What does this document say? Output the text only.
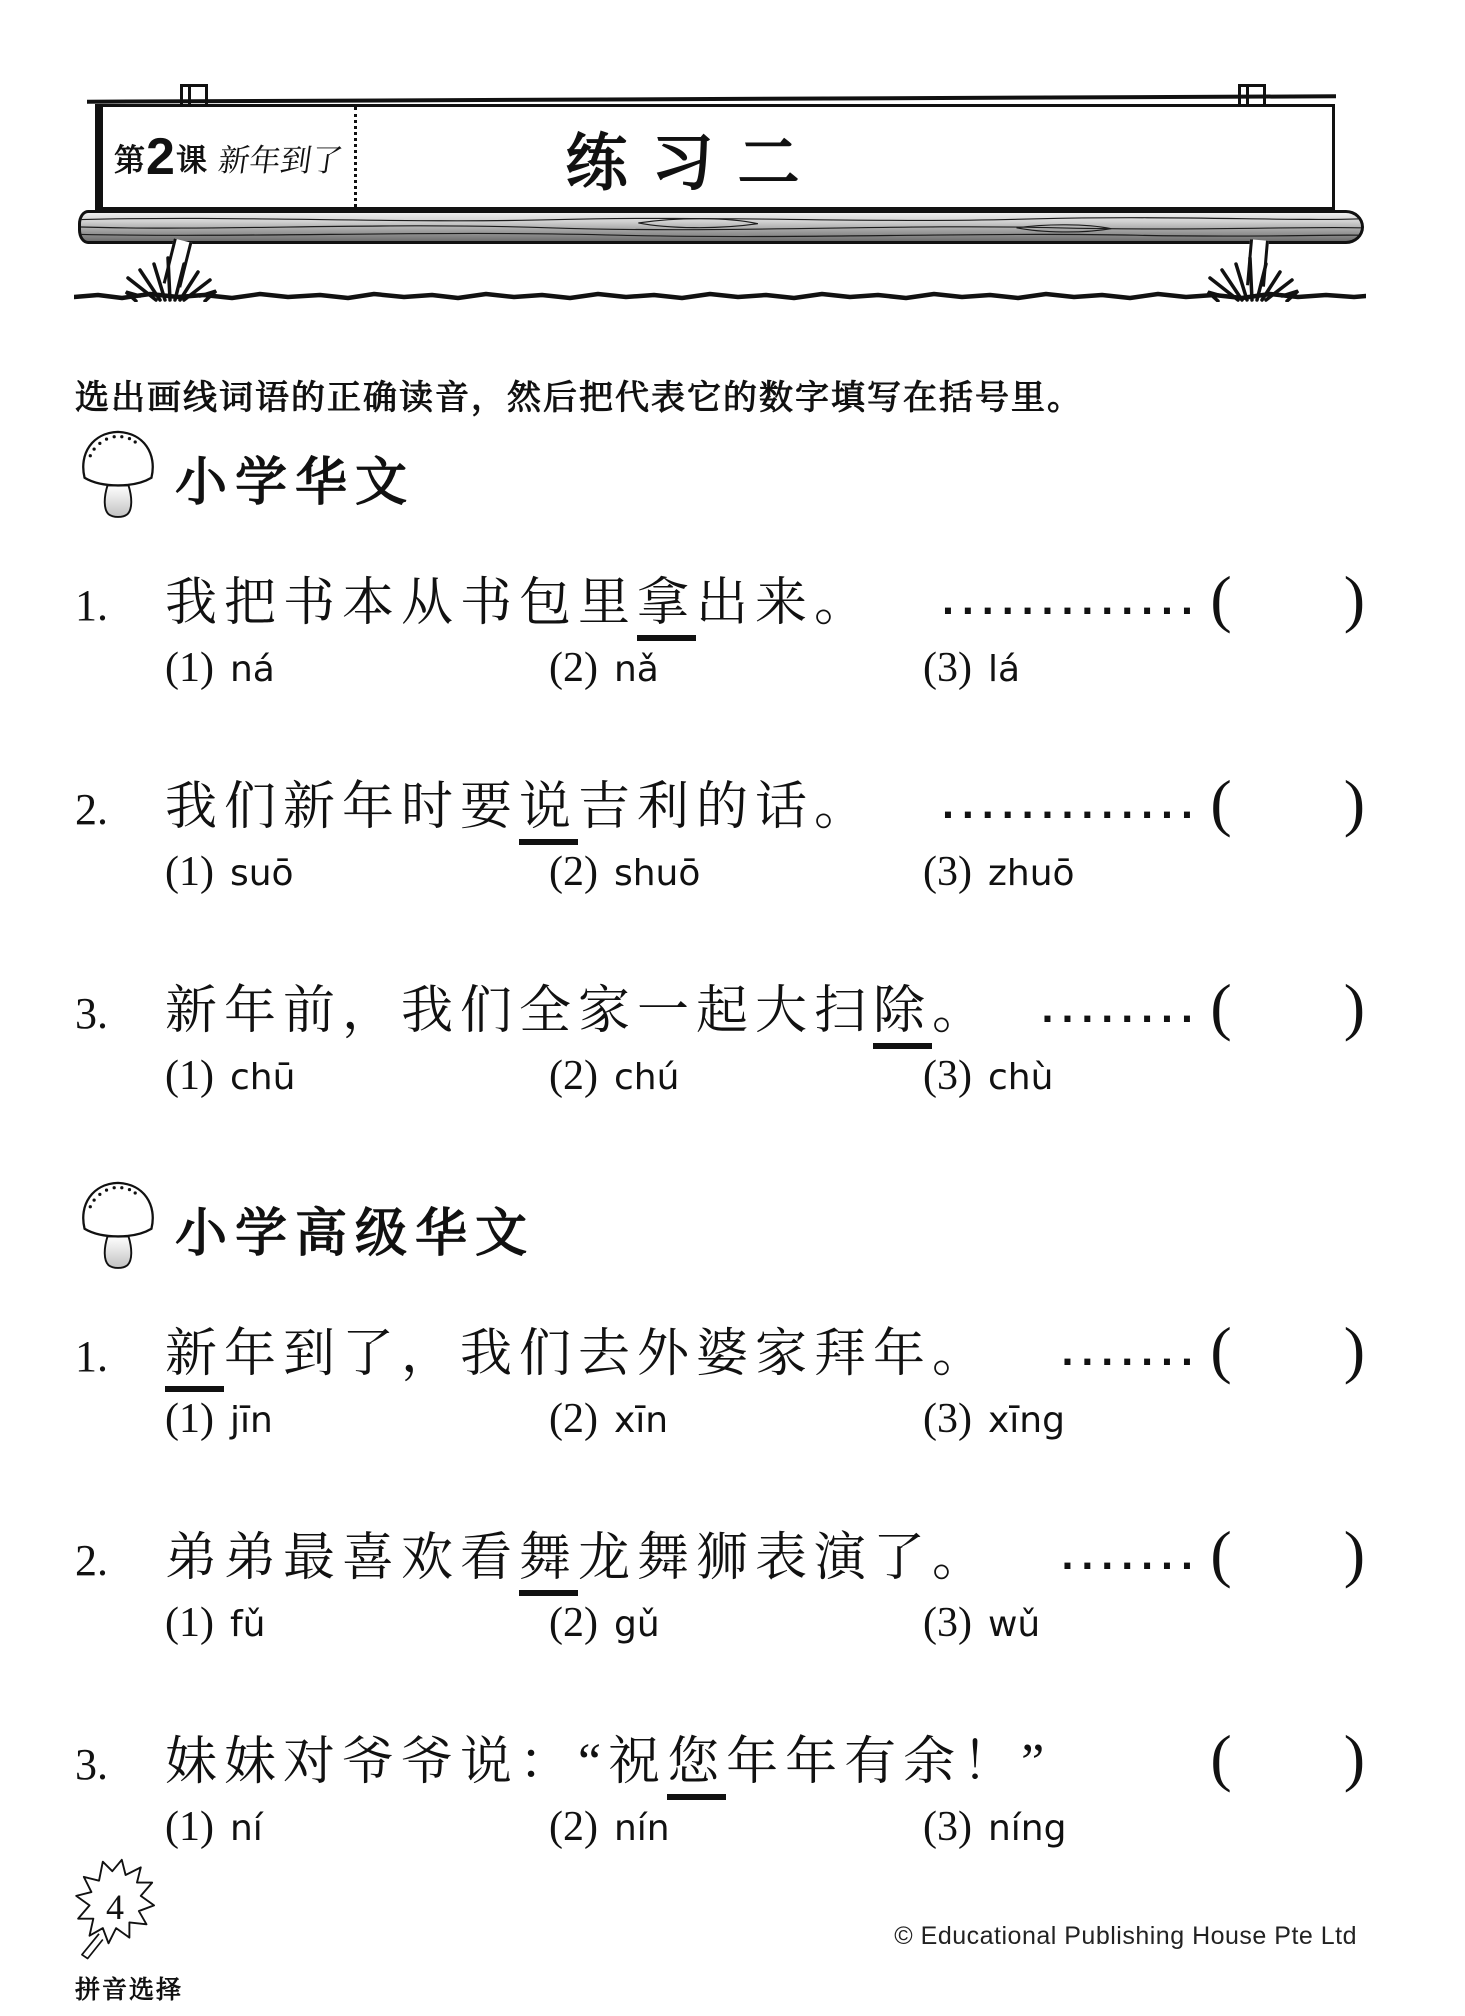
第 2 课 新年到了	练习二

选出画线词语的正确读音，然后把代表它的数字填写在括号里。

小学华文
1.	我把书本从书包里拿出来。 ............. ( )
(1) ná	(2) nǎ	(3) lá
2.	我们新年时要说吉利的话。 ............. ( )
(1) suō	(2) shuō	(3) zhuō
3.	新年前，我们全家一起大扫除。 ........ ( )
(1) chū	(2) chú	(3) chù
小学高级华文
1.	新年到了，我们去外婆家拜年。 ....... ( )
(1) jīn	(2) xīn	(3) xīng
2.	弟弟最喜欢看舞龙舞狮表演了。 ....... ( )
(1) fǔ	(2) gǔ	(3) wǔ
3.	妹妹对爷爷说：“祝您年年有余！” ( )
(1) ní	(2) nín	(3) níng
4
拼音选择
© Educational Publishing House Pte Ltd
